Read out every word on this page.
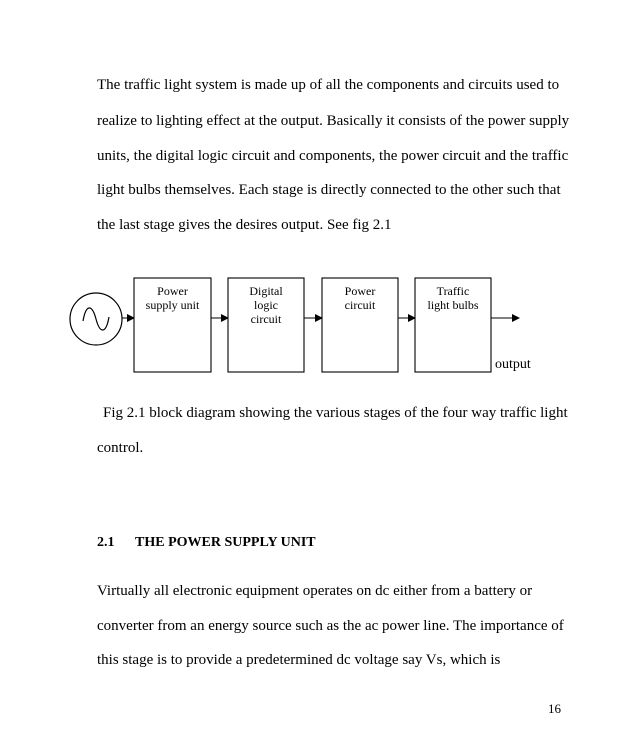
The traffic light system is made up of all the components and circuits used to
realize to lighting effect at the output. Basically it consists of the power supply
units, the digital logic circuit and components, the power circuit and the traffic
light bulbs themselves. Each stage is directly connected to the other such that
the last stage gives the desires output. See fig 2.1
Power
supply unit
Digital
logic
circuit
Power
circuit
Traffic
light bulbs
output
Fig 2.1 block diagram showing the various stages of the four way traffic light
control.
2.1 THE POWER SUPPLY UNIT
Virtually all electronic equipment operates on dc either from a battery or
converter from an energy source such as the ac power line. The importance of
this stage is to provide a predetermined dc voltage say Vs, which is
16
